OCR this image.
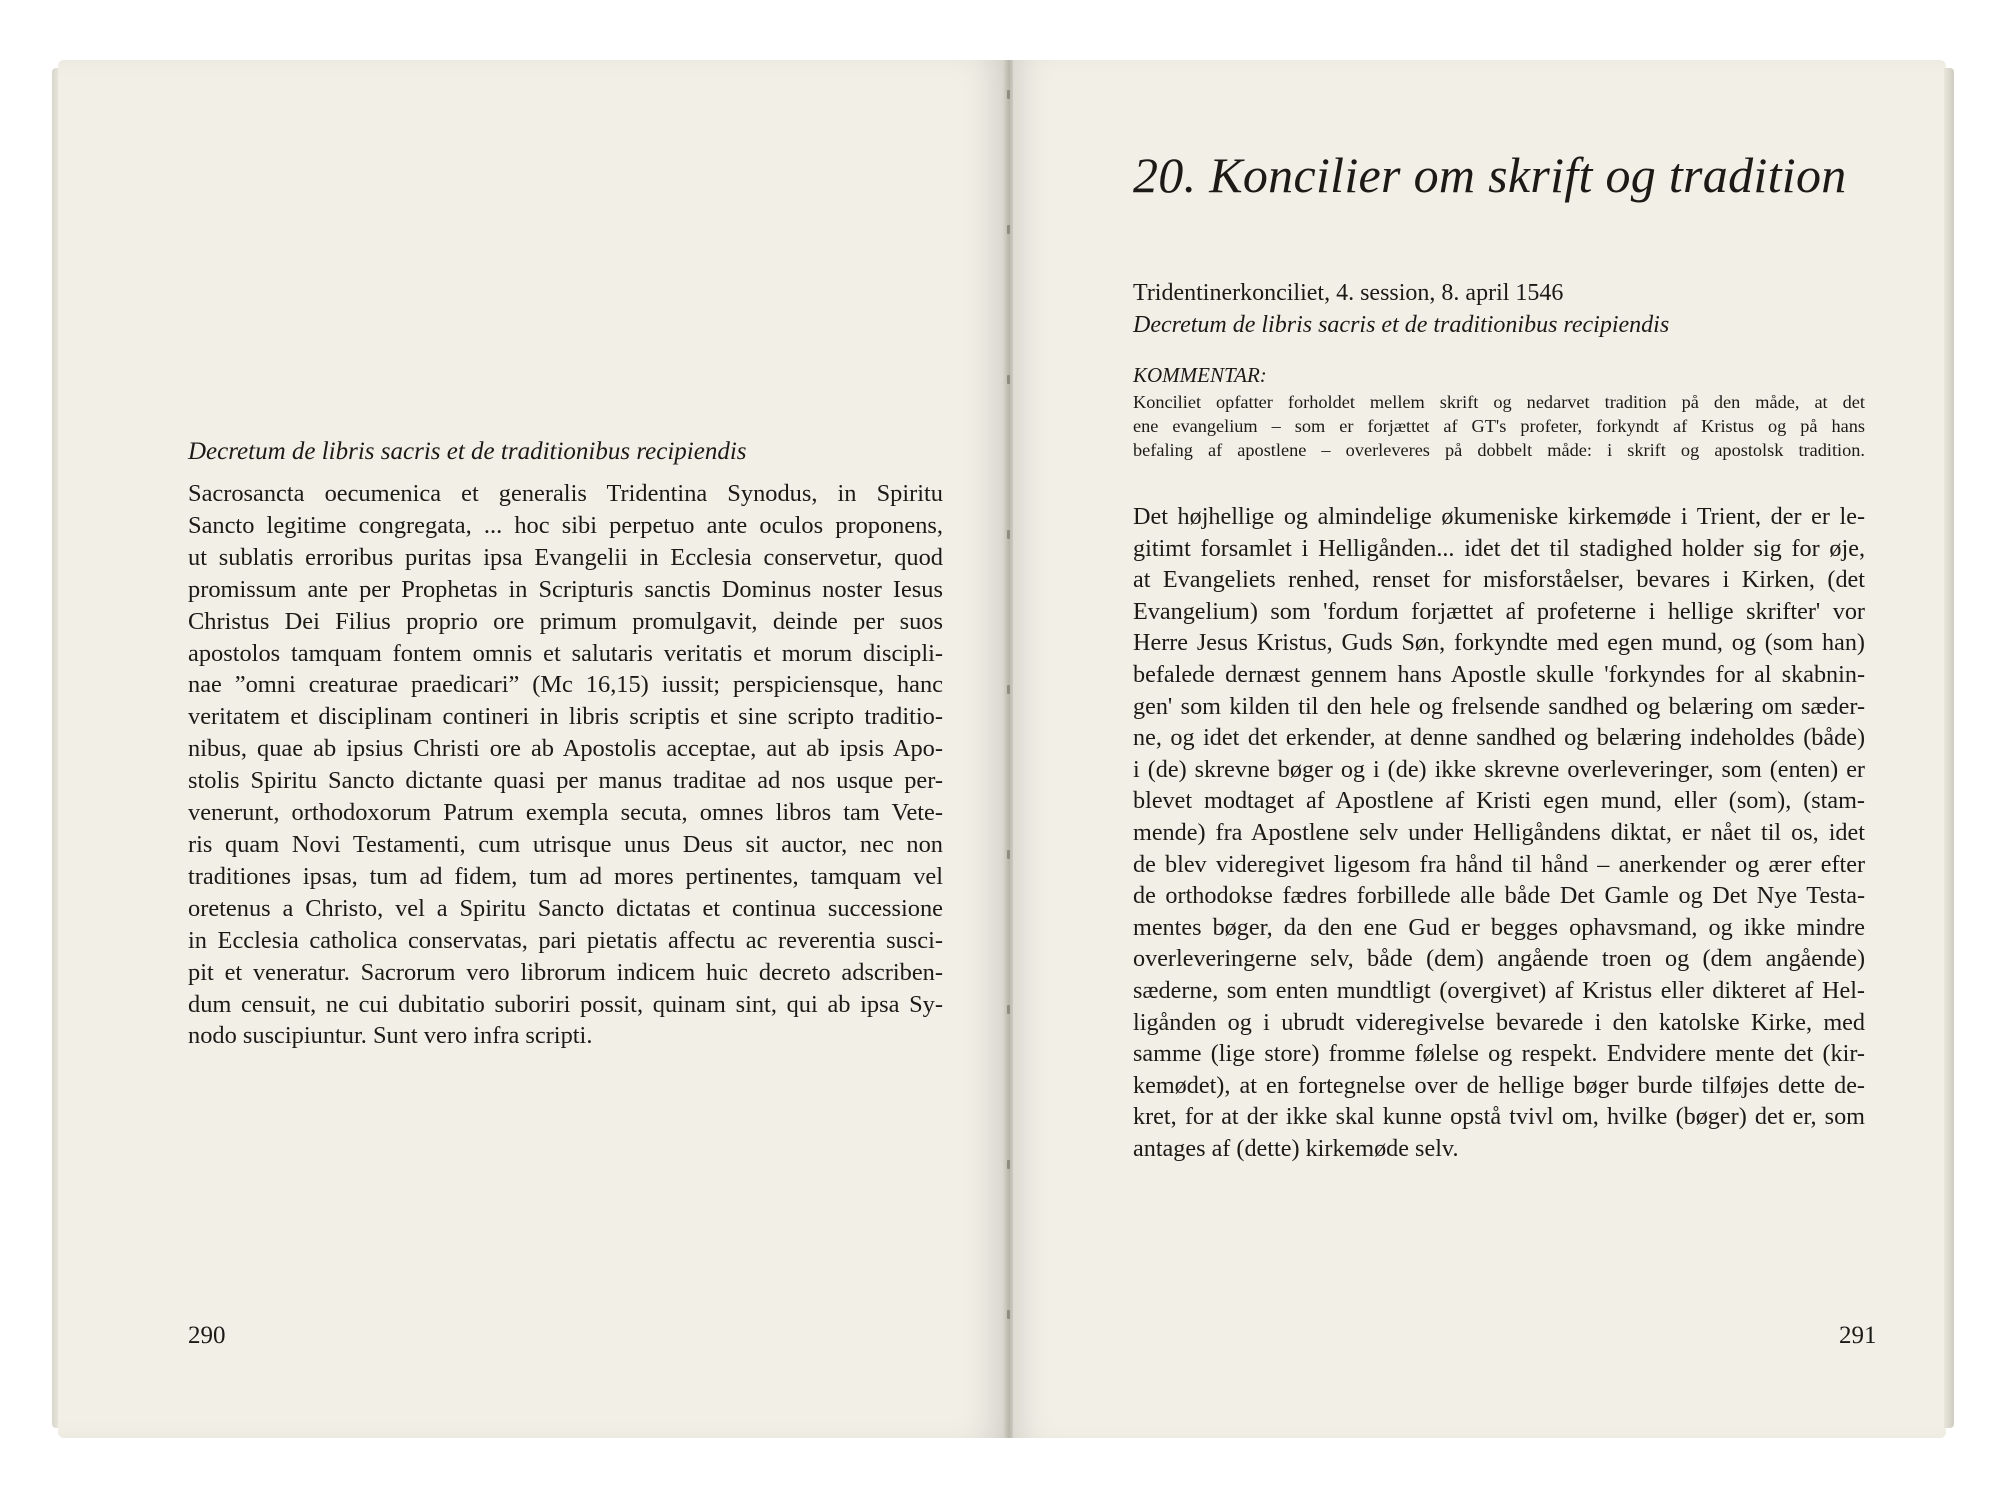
Decretum de libris sacris et de traditionibus recipiendis
Sacrosancta oecumenica et generalis Tridentina Synodus, in Spiritu
Sancto legitime congregata, ... hoc sibi perpetuo ante oculos proponens,
ut sublatis erroribus puritas ipsa Evangelii in Ecclesia conservetur, quod
promissum ante per Prophetas in Scripturis sanctis Dominus noster Iesus
Christus Dei Filius proprio ore primum promulgavit, deinde per suos
apostolos tamquam fontem omnis et salutaris veritatis et morum discipli-
nae ”omni creaturae praedicari” (Mc 16,15) iussit; perspiciensque, hanc
veritatem et disciplinam contineri in libris scriptis et sine scripto traditio-
nibus, quae ab ipsius Christi ore ab Apostolis acceptae, aut ab ipsis Apo-
stolis Spiritu Sancto dictante quasi per manus traditae ad nos usque per-
venerunt, orthodoxorum Patrum exempla secuta, omnes libros tam Vete-
ris quam Novi Testamenti, cum utrisque unus Deus sit auctor, nec non
traditiones ipsas, tum ad fidem, tum ad mores pertinentes, tamquam vel
oretenus a Christo, vel a Spiritu Sancto dictatas et continua successione
in Ecclesia catholica conservatas, pari pietatis affectu ac reverentia susci-
pit et veneratur. Sacrorum vero librorum indicem huic decreto adscriben-
dum censuit, ne cui dubitatio suboriri possit, quinam sint, qui ab ipsa Sy-
nodo suscipiuntur. Sunt vero infra scripti.
290
20. Koncilier om skrift og tradition
Tridentinerkonciliet, 4. session, 8. april 1546
Decretum de libris sacris et de traditionibus recipiendis
KOMMENTAR:
Konciliet opfatter forholdet mellem skrift og nedarvet tradition på den måde, at det
ene evangelium – som er forjættet af GT's profeter, forkyndt af Kristus og på hans
befaling af apostlene – overleveres på dobbelt måde: i skrift og apostolsk tradition.
Det højhellige og almindelige økumeniske kirkemøde i Trient, der er le-
gitimt forsamlet i Helligånden... idet det til stadighed holder sig for øje,
at Evangeliets renhed, renset for misforståelser, bevares i Kirken, (det
Evangelium) som 'fordum forjættet af profeterne i hellige skrifter' vor
Herre Jesus Kristus, Guds Søn, forkyndte med egen mund, og (som han)
befalede dernæst gennem hans Apostle skulle 'forkyndes for al skabnin-
gen' som kilden til den hele og frelsende sandhed og belæring om sæder-
ne, og idet det erkender, at denne sandhed og belæring indeholdes (både)
i (de) skrevne bøger og i (de) ikke skrevne overleveringer, som (enten) er
blevet modtaget af Apostlene af Kristi egen mund, eller (som), (stam-
mende) fra Apostlene selv under Helligåndens diktat, er nået til os, idet
de blev videregivet ligesom fra hånd til hånd – anerkender og ærer efter
de orthodokse fædres forbillede alle både Det Gamle og Det Nye Testa-
mentes bøger, da den ene Gud er begges ophavsmand, og ikke mindre
overleveringerne selv, både (dem) angående troen og (dem angående)
sæderne, som enten mundtligt (overgivet) af Kristus eller dikteret af Hel-
ligånden og i ubrudt videregivelse bevarede i den katolske Kirke, med
samme (lige store) fromme følelse og respekt. Endvidere mente det (kir-
kemødet), at en fortegnelse over de hellige bøger burde tilføjes dette de-
kret, for at der ikke skal kunne opstå tvivl om, hvilke (bøger) det er, som
antages af (dette) kirkemøde selv.
291
